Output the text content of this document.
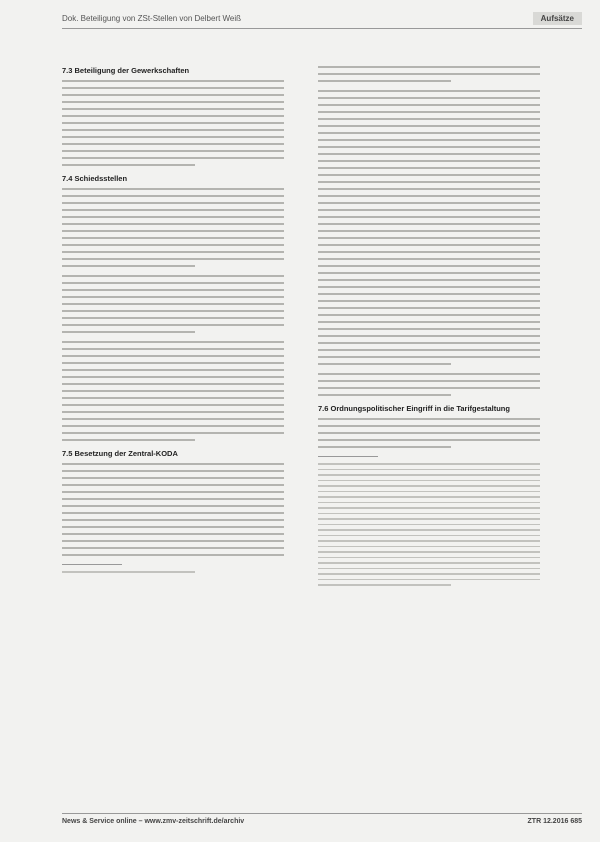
Dok. Beteiligung von ZSt-Stellen von Delbert Weiß	Aufsätze
7.3 Beteiligung der Gewerkschaften
7.4 Schiedsstellen
7.5 Besetzung der Zentral-KODA
7.6 Ordnungspolitischer Eingriff in die Tarifgestaltung
News & Service online – www.zmv-zeitschrift.de/archiv	ZTR 12.2016 685
